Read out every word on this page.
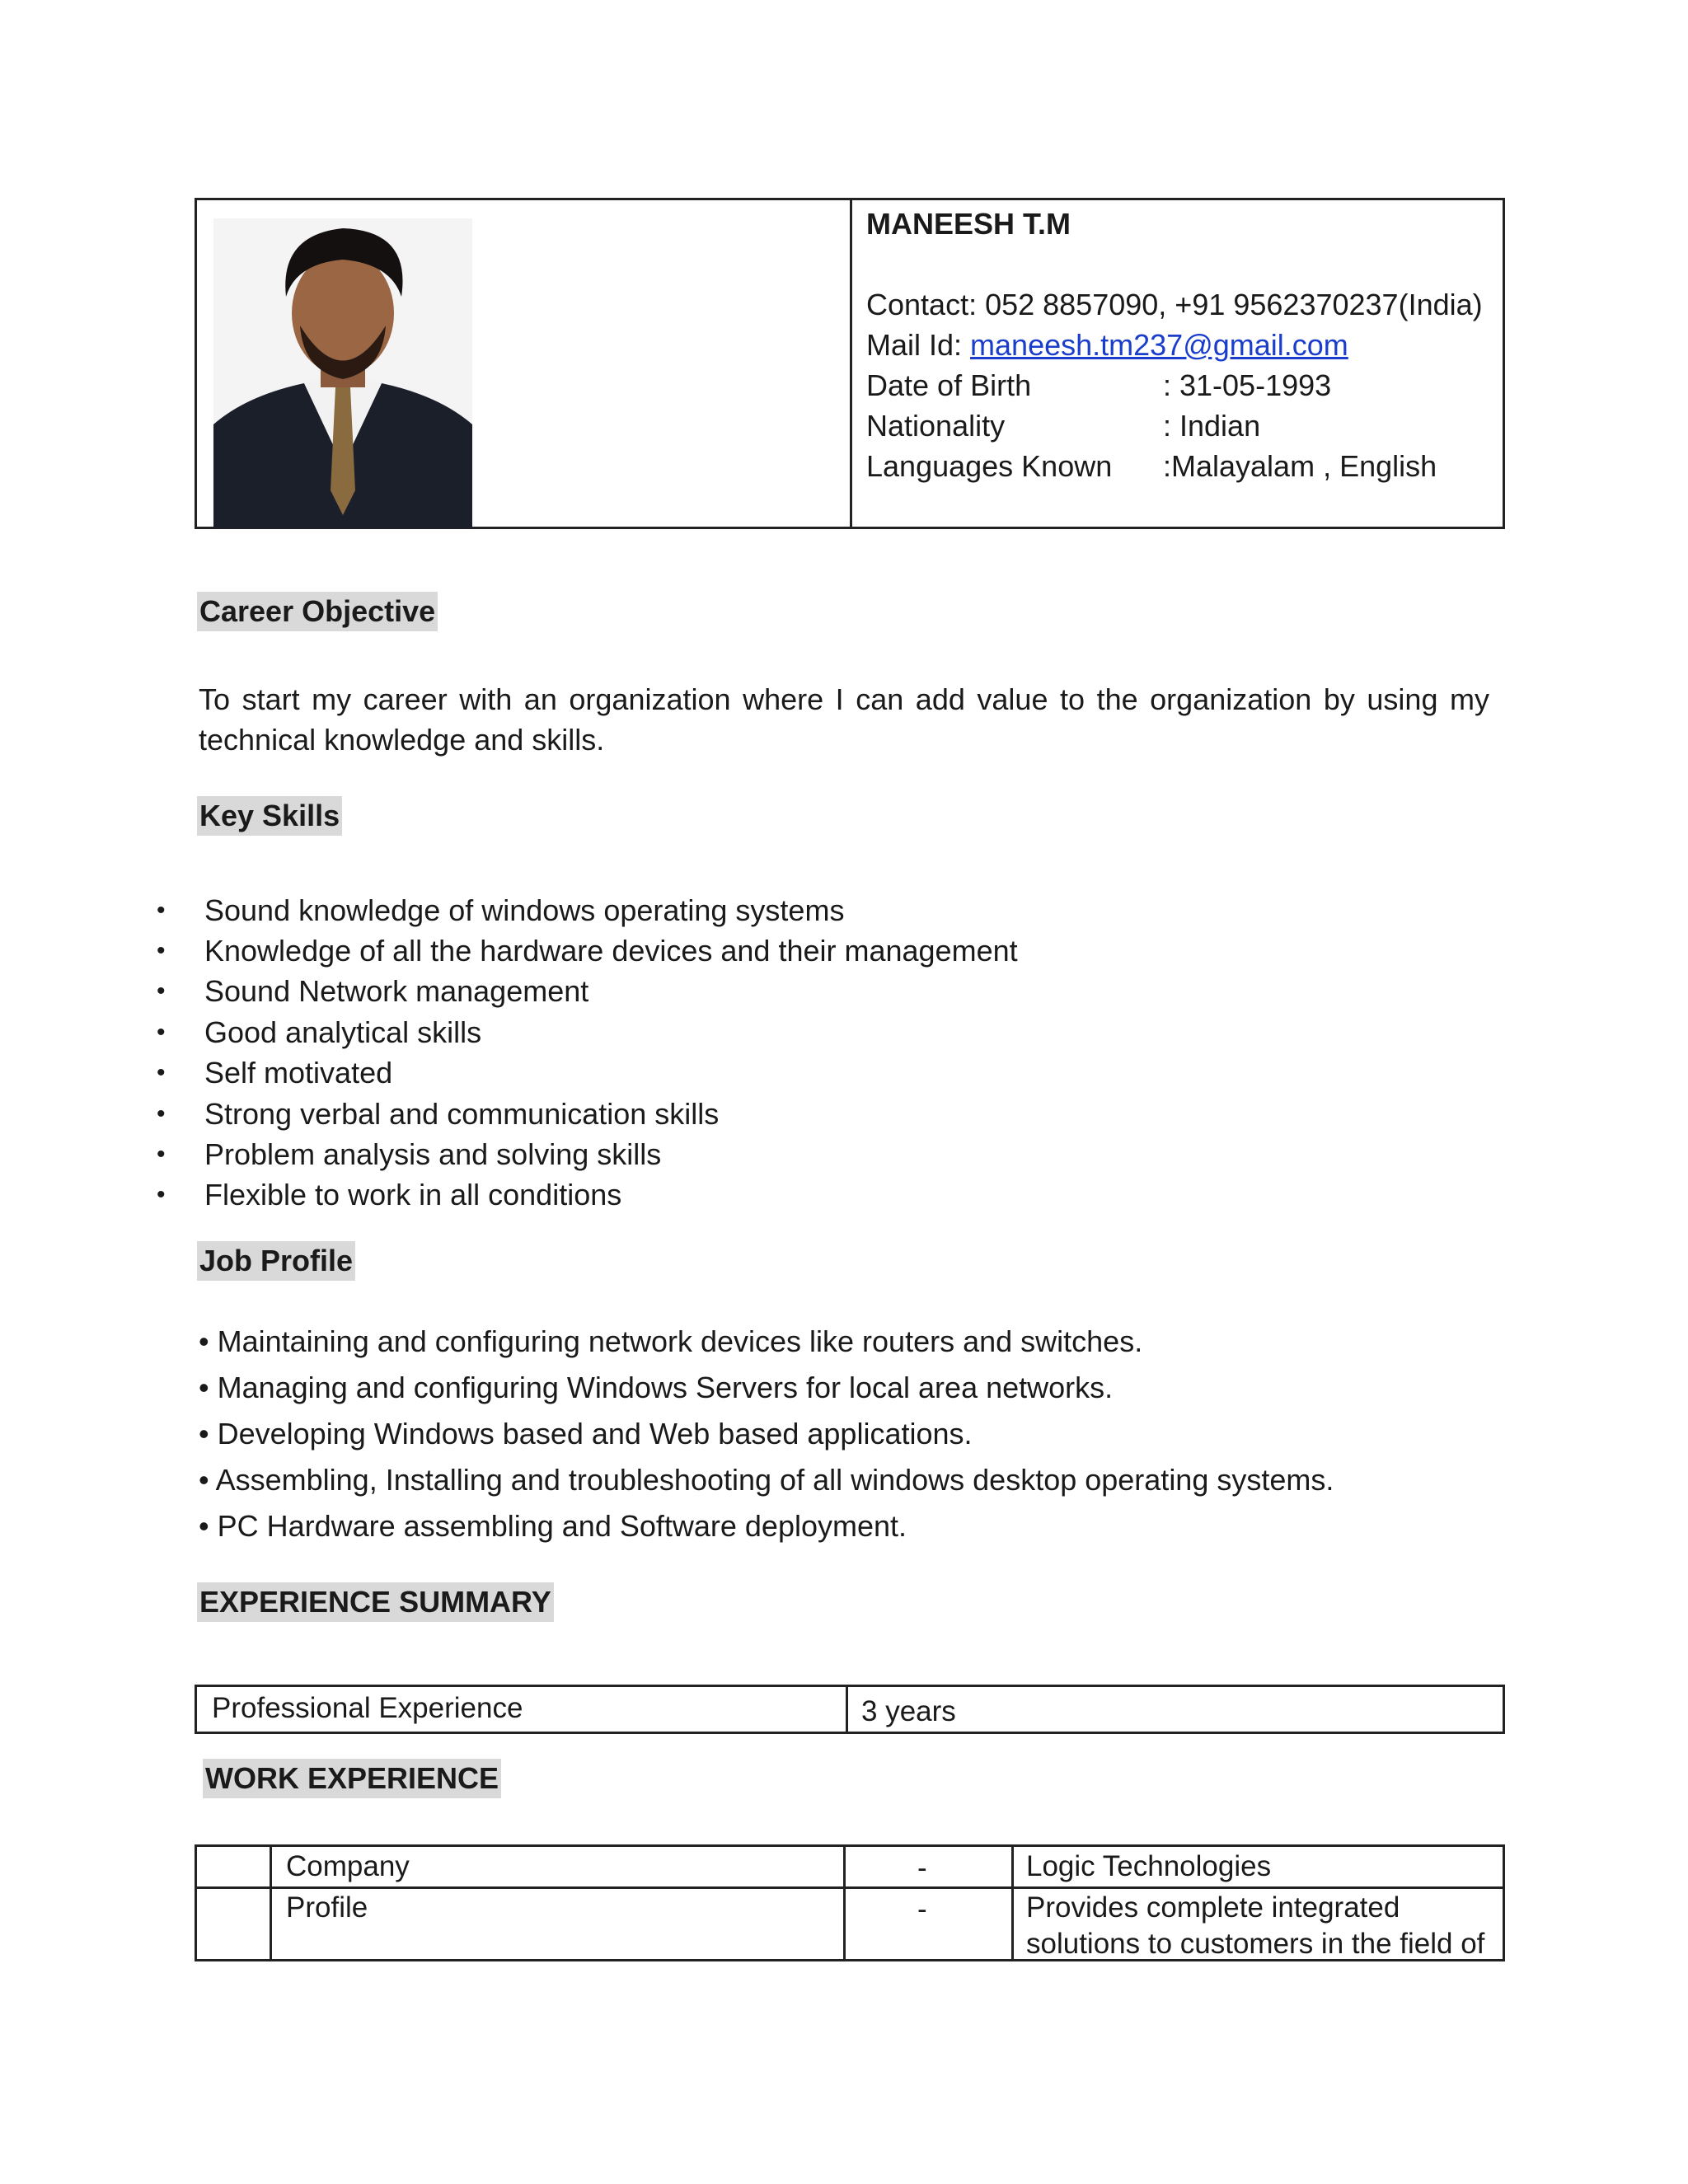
MANEESH T.M
Contact: 052 8857090, +91 9562370237(India)
Mail Id: maneesh.tm237@gmail.com
Date of Birth	: 31-05-1993
Nationality	: Indian
Languages Known	:Malayalam , English
Career Objective
To start my career with an organization where I can add value to the organization by using my technical knowledge and skills.
Key Skills
•	Sound knowledge of windows operating systems
•	Knowledge of all the hardware devices and their management
•	Sound Network management
•	Good analytical skills
•	Self motivated
•	Strong verbal and communication skills
•	Problem analysis and solving skills
•	Flexible to work in all conditions
Job Profile
• Maintaining and configuring network devices like routers and switches.
• Managing and configuring Windows Servers for local area networks.
• Developing Windows based and Web based applications.
• Assembling, Installing and troubleshooting of all windows desktop operating systems.
• PC Hardware assembling and Software deployment.
EXPERIENCE SUMMARY
Professional Experience	3 years
WORK EXPERIENCE
Company	-	Logic Technologies
Profile	-	Provides complete integrated solutions to customers in the field of
